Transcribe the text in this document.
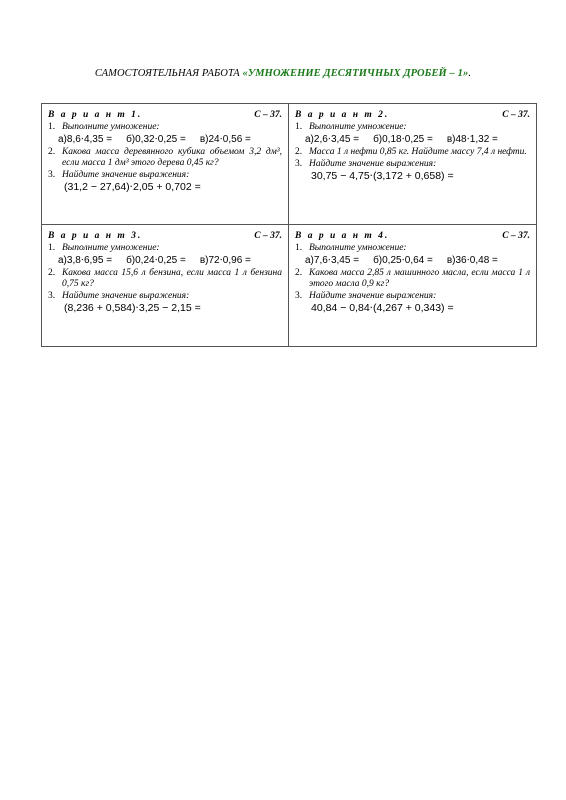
САМОСТОЯТЕЛЬНАЯ РАБОТА «УМНОЖЕНИЕ ДЕСЯТИЧНЫХ ДРОБЕЙ – 1».
В а р и а н т 1.	С – 37.
1. Выполните умножение:
а)8,6⋅4,35 = б)0,32⋅0,25 = в)24⋅0,56 =
2. Какова масса деревянного кубика объемом 3,2 дм³, если масса 1 дм³ этого дерева 0,45 кг?
3. Найдите значение выражения:
(31,2 − 27,64)⋅2,05 + 0,702 =
В а р и а н т 2.	С – 37.
1. Выполните умножение:
а)2,6⋅3,45 = б)0,18⋅0,25 = в)48⋅1,32 =
2. Масса 1 л нефти 0,85 кг. Найдите массу 7,4 л нефти.
3. Найдите значение выражения:
30,75 − 4,75⋅(3,172 + 0,658) =
В а р и а н т 3.	С – 37.
1. Выполните умножение:
а)3,8⋅6,95 = б)0,24⋅0,25 = в)72⋅0,96 =
2. Какова масса 15,6 л бензина, если масса 1 л бензина 0,75 кг?
3. Найдите значение выражения:
(8,236 + 0,584)⋅3,25 − 2,15 =
В а р и а н т 4.	С – 37.
1. Выполните умножение:
а)7,6⋅3,45 = б)0,25⋅0,64 = в)36⋅0,48 =
2. Какова масса 2,85 л машинного масла, если масса 1 л этого масла 0,9 кг?
3. Найдите значение выражения:
40,84 − 0,84⋅(4,267 + 0,343) =
